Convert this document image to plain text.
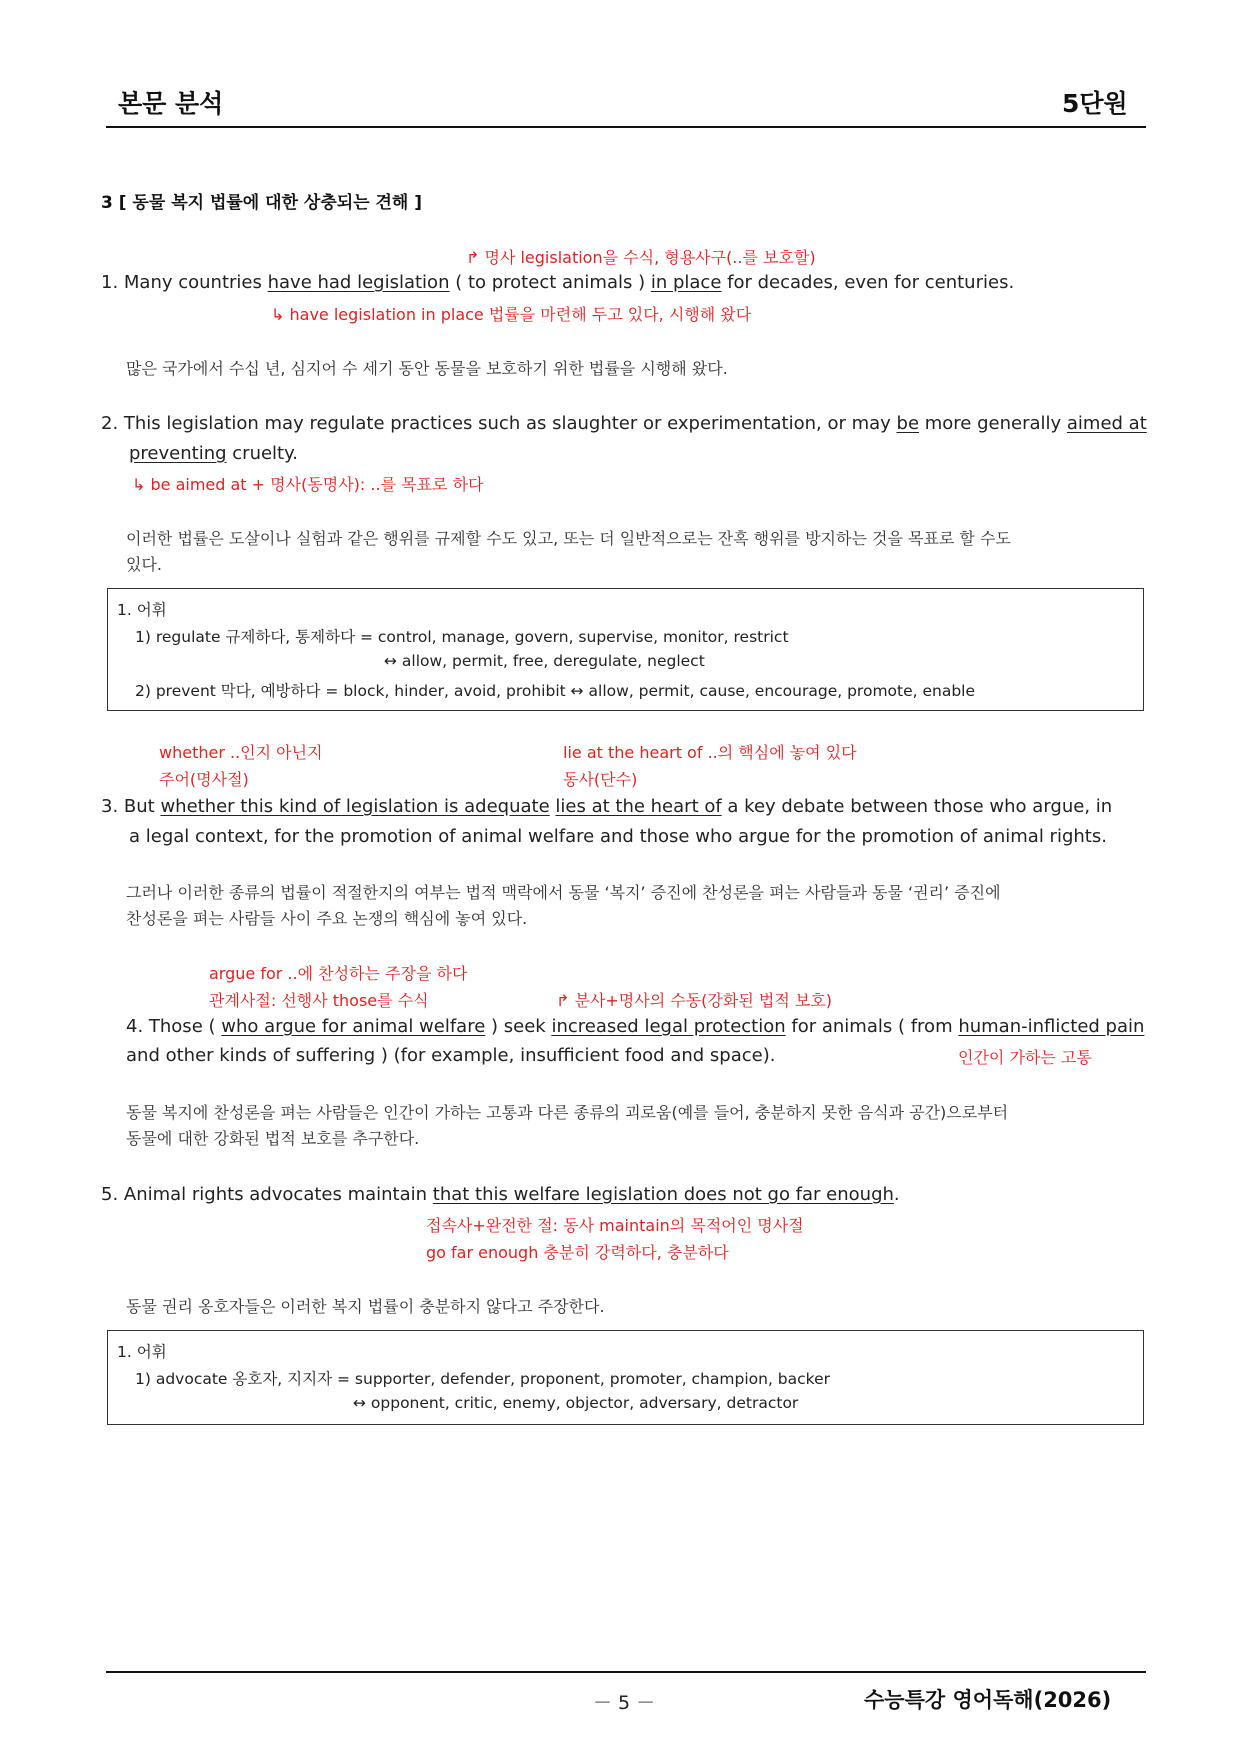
본문 분석	5단원
3 [ 동물 복지 법률에 대한 상충되는 견해 ]
↱ 명사 legislation을 수식, 형용사구(..를 보호할)
1. Many countries have had legislation ( to protect animals ) in place for decades, even for centuries.
↳ have legislation in place 법률을 마련해 두고 있다, 시행해 왔다
많은 국가에서 수십 년, 심지어 수 세기 동안 동물을 보호하기 위한 법률을 시행해 왔다.
2. This legislation may regulate practices such as slaughter or experimentation, or may be more generally aimed at
preventing cruelty.
↳ be aimed at + 명사(동명사): ..를 목표로 하다
이러한 법률은 도살이나 실험과 같은 행위를 규제할 수도 있고, 또는 더 일반적으로는 잔혹 행위를 방지하는 것을 목표로 할 수도
있다.
1. 어휘
1) regulate 규제하다, 통제하다 = control, manage, govern, supervise, monitor, restrict
↔ allow, permit, free, deregulate, neglect
2) prevent 막다, 예방하다 = block, hinder, avoid, prohibit ↔ allow, permit, cause, encourage, promote, enable
whether ..인지 아닌지
주어(명사절)
lie at the heart of ..의 핵심에 놓여 있다
동사(단수)
3. But whether this kind of legislation is adequate lies at the heart of a key debate between those who argue, in
a legal context, for the promotion of animal welfare and those who argue for the promotion of animal rights.
그러나 이러한 종류의 법률이 적절한지의 여부는 법적 맥락에서 동물 ‘복지’ 증진에 찬성론을 펴는 사람들과 동물 ‘권리’ 증진에
찬성론을 펴는 사람들 사이 주요 논쟁의 핵심에 놓여 있다.
argue for ..에 찬성하는 주장을 하다
관계사절: 선행사 those를 수식	↱ 분사+명사의 수동(강화된 법적 보호)
4. Those ( who argue for animal welfare ) seek increased legal protection for animals ( from human-inflicted pain
and other kinds of suffering ) (for example, insufficient food and space).	인간이 가하는 고통
동물 복지에 찬성론을 펴는 사람들은 인간이 가하는 고통과 다른 종류의 괴로움(예를 들어, 충분하지 못한 음식과 공간)으로부터
동물에 대한 강화된 법적 보호를 추구한다.
5. Animal rights advocates maintain that this welfare legislation does not go far enough.
접속사+완전한 절: 동사 maintain의 목적어인 명사절
go far enough 충분히 강력하다, 충분하다
동물 권리 옹호자들은 이러한 복지 법률이 충분하지 않다고 주장한다.
1. 어휘
1) advocate 옹호자, 지지자 = supporter, defender, proponent, promoter, champion, backer
↔ opponent, critic, enemy, objector, adversary, detractor
－ 5 －	수능특강 영어독해(2026)
